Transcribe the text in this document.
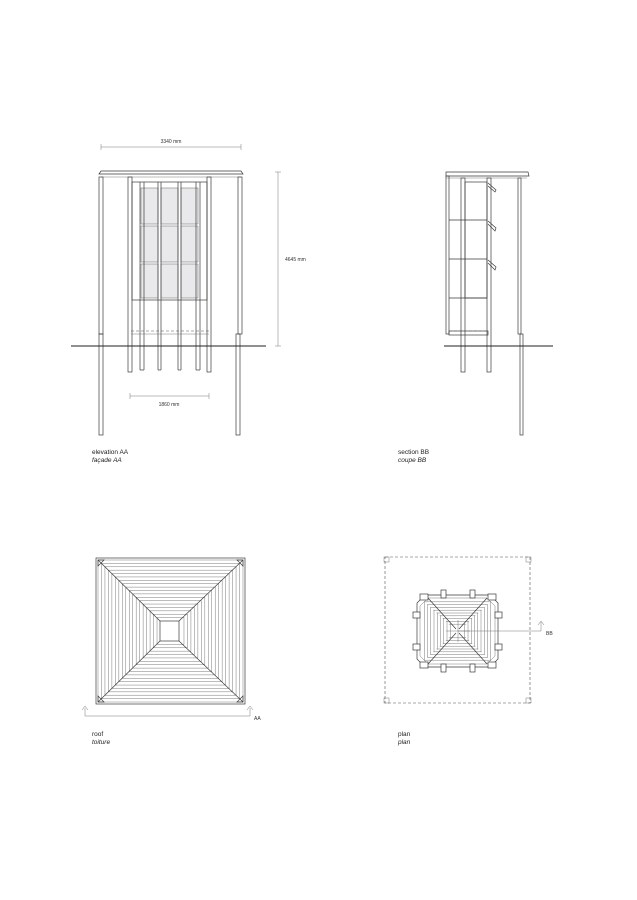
3340 mm
4645 mm
1860 mm
AA
BB
elevation AA
façade AA
section BB
coupe BB
roof
toiture
plan
plan
